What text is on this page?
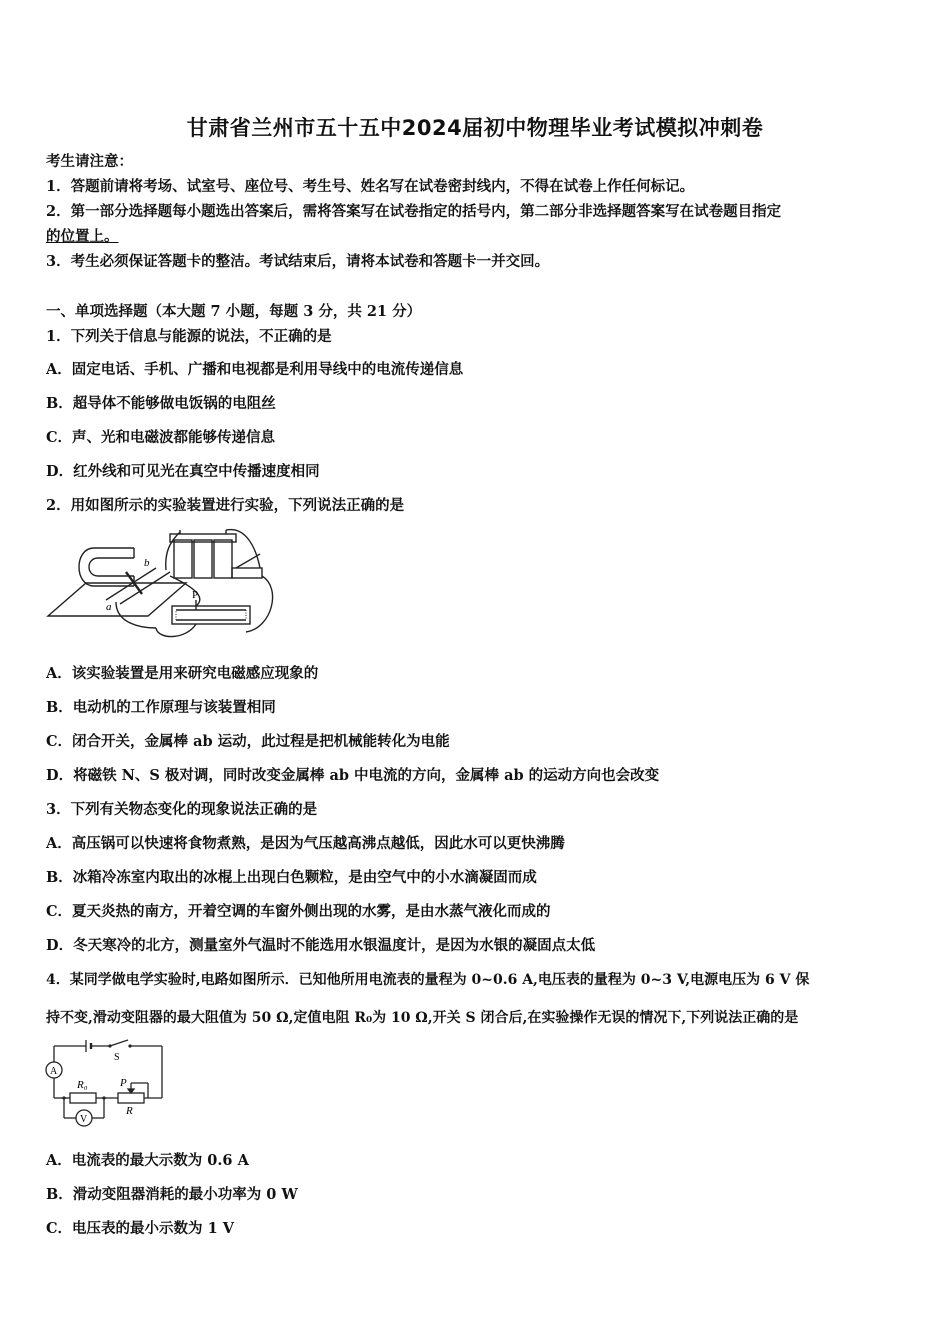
甘肃省兰州市五十五中2024届初中物理毕业考试模拟冲刺卷
考生请注意：
1．答题前请将考场、试室号、座位号、考生号、姓名写在试卷密封线内，不得在试卷上作任何标记。
2．第一部分选择题每小题选出答案后，需将答案写在试卷指定的括号内，第二部分非选择题答案写在试卷题目指定
的位置上。
3．考生必须保证答题卡的整洁。考试结束后，请将本试卷和答题卡一并交回。
一、单项选择题（本大题 7 小题，每题 3 分，共 21 分）
1．下列关于信息与能源的说法，不正确的是
A．固定电话、手机、广播和电视都是利用导线中的电流传递信息
B．超导体不能够做电饭锅的电阻丝
C．声、光和电磁波都能够传递信息
D．红外线和可见光在真空中传播速度相同
2．用如图所示的实验装置进行实验，下列说法正确的是
b
a
P
A．该实验装置是用来研究电磁感应现象的
B．电动机的工作原理与该装置相同
C．闭合开关，金属棒 ab 运动，此过程是把机械能转化为电能
D．将磁铁 N、S 极对调，同时改变金属棒 ab 中电流的方向，金属棒 ab 的运动方向也会改变
3．下列有关物态变化的现象说法正确的是
A．高压锅可以快速将食物煮熟，是因为气压越高沸点越低，因此水可以更快沸腾
B．冰箱冷冻室内取出的冰棍上出现白色颗粒，是由空气中的小水滴凝固而成
C．夏天炎热的南方，开着空调的车窗外侧出现的水雾，是由水蒸气液化而成的
D．冬天寒冷的北方，测量室外气温时不能选用水银温度计，是因为水银的凝固点太低
4．某同学做电学实验时,电路如图所示．已知他所用电流表的量程为 0~0.6 A,电压表的量程为 0~3 V,电源电压为 6 V 保
持不变,滑动变阻器的最大阻值为 50 Ω,定值电阻 R₀为 10 Ω,开关 S 闭合后,在实验操作无误的情况下,下列说法正确的是
A
S
R₀	P
R
V
A．电流表的最大示数为 0.6 A
B．滑动变阻器消耗的最小功率为 0 W
C．电压表的最小示数为 1 V
